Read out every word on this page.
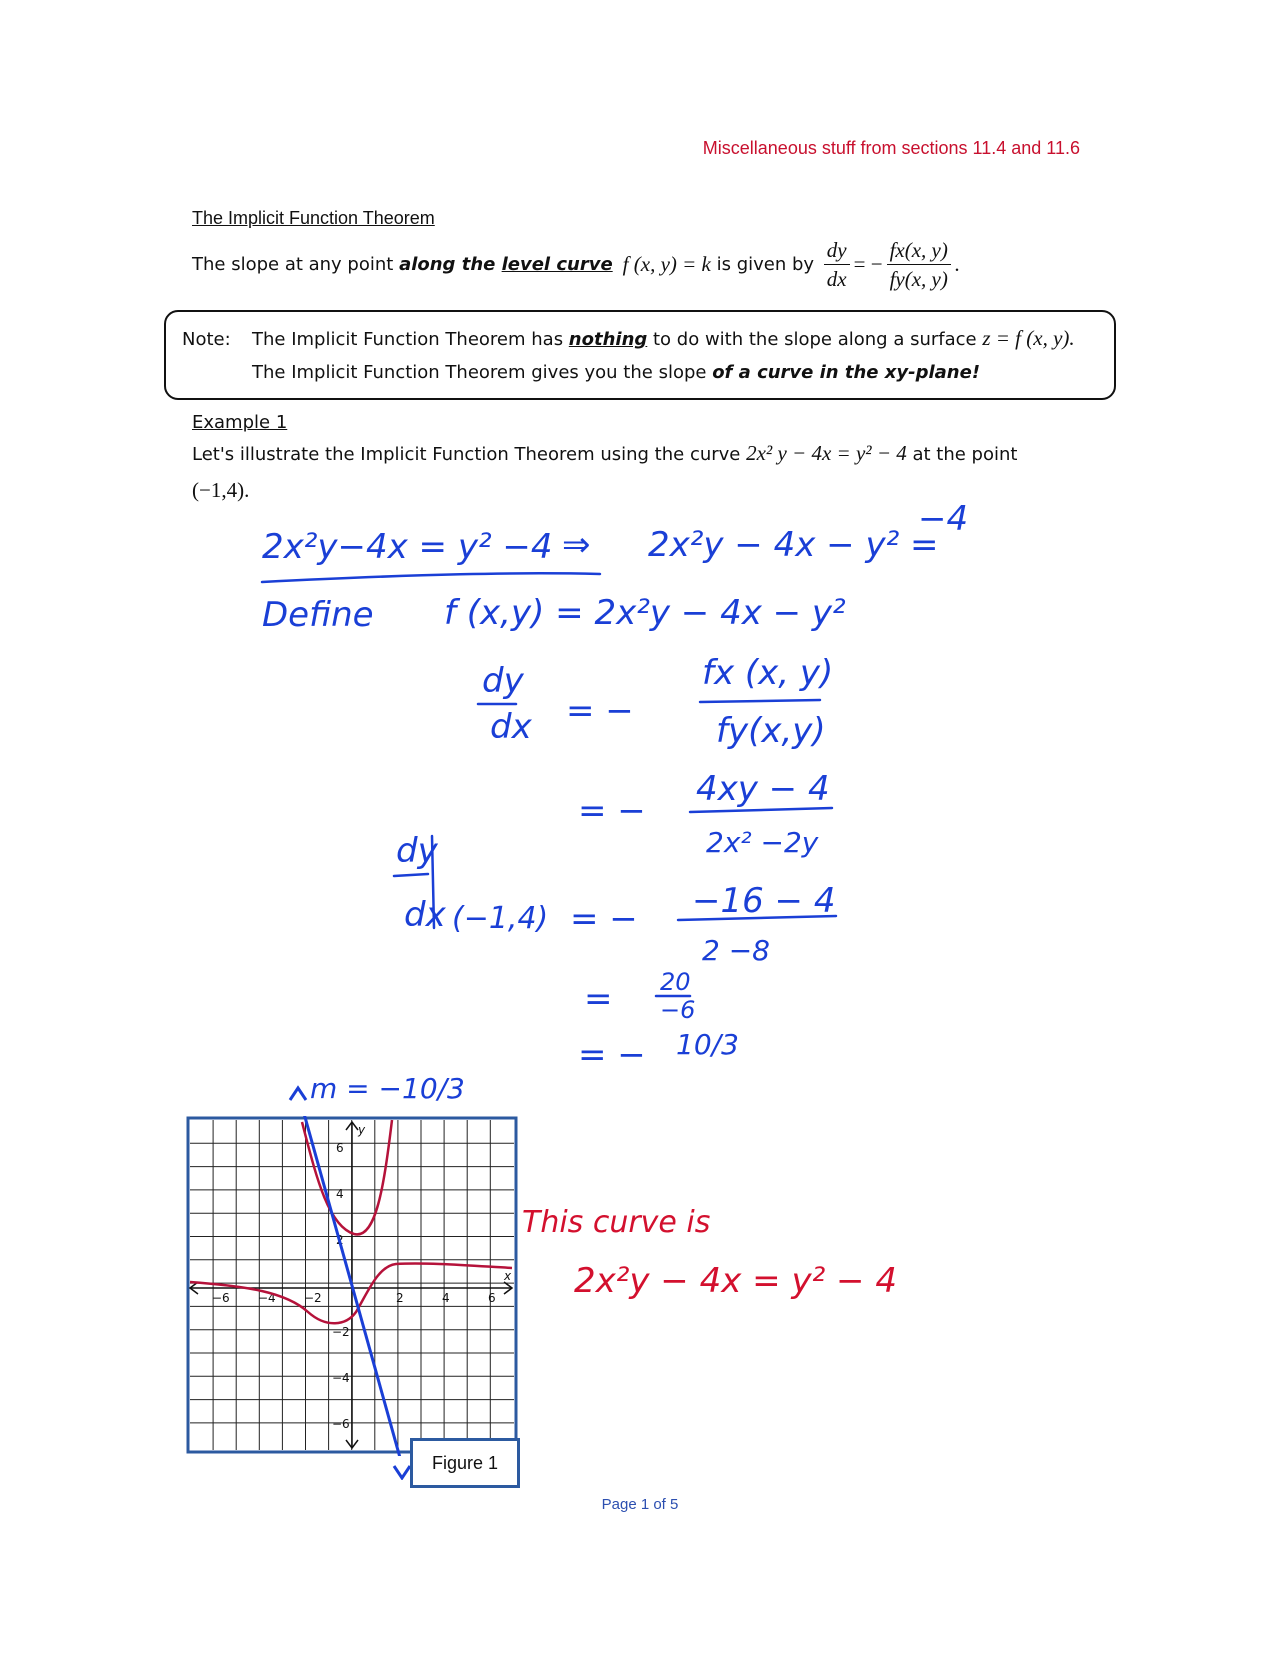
Miscellaneous stuff from sections 11.4 and 11.6
The Implicit Function Theorem
The slope at any point along the level curve f (x, y) = k is given by $\frac{dy}{dx}$ = − $\frac{fx(x, y)}{fy(x, y)}$ .
Note: The Implicit Function Theorem has nothing to do with the slope along a surface z = f (x, y).
The Implicit Function Theorem gives you the slope of a curve in the xy-plane!
Example 1
Let's illustrate the Implicit Function Theorem using the curve 2x² y − 4x = y² − 4 at the point
(−1,4).
2x²y−4x = y² −4 ⇒ 2x²y − 4x − y² =
−4
Define f (x,y) = 2x²y − 4x − y²
dy
dx = −
fx (x, y)
fy(x,y)
= −
4xy − 4
2x² −2y
dy
dx (−1,4) = − −16 − 4
2 −8
= 20
−6
= − 10/3
m = −10/3
This curve is
2x²y − 4x = y² − 4
x
y
−6 −4 −2	2	4	6
6
4
2
−2
−4
−6
Figure 1
Page 1 of 5
